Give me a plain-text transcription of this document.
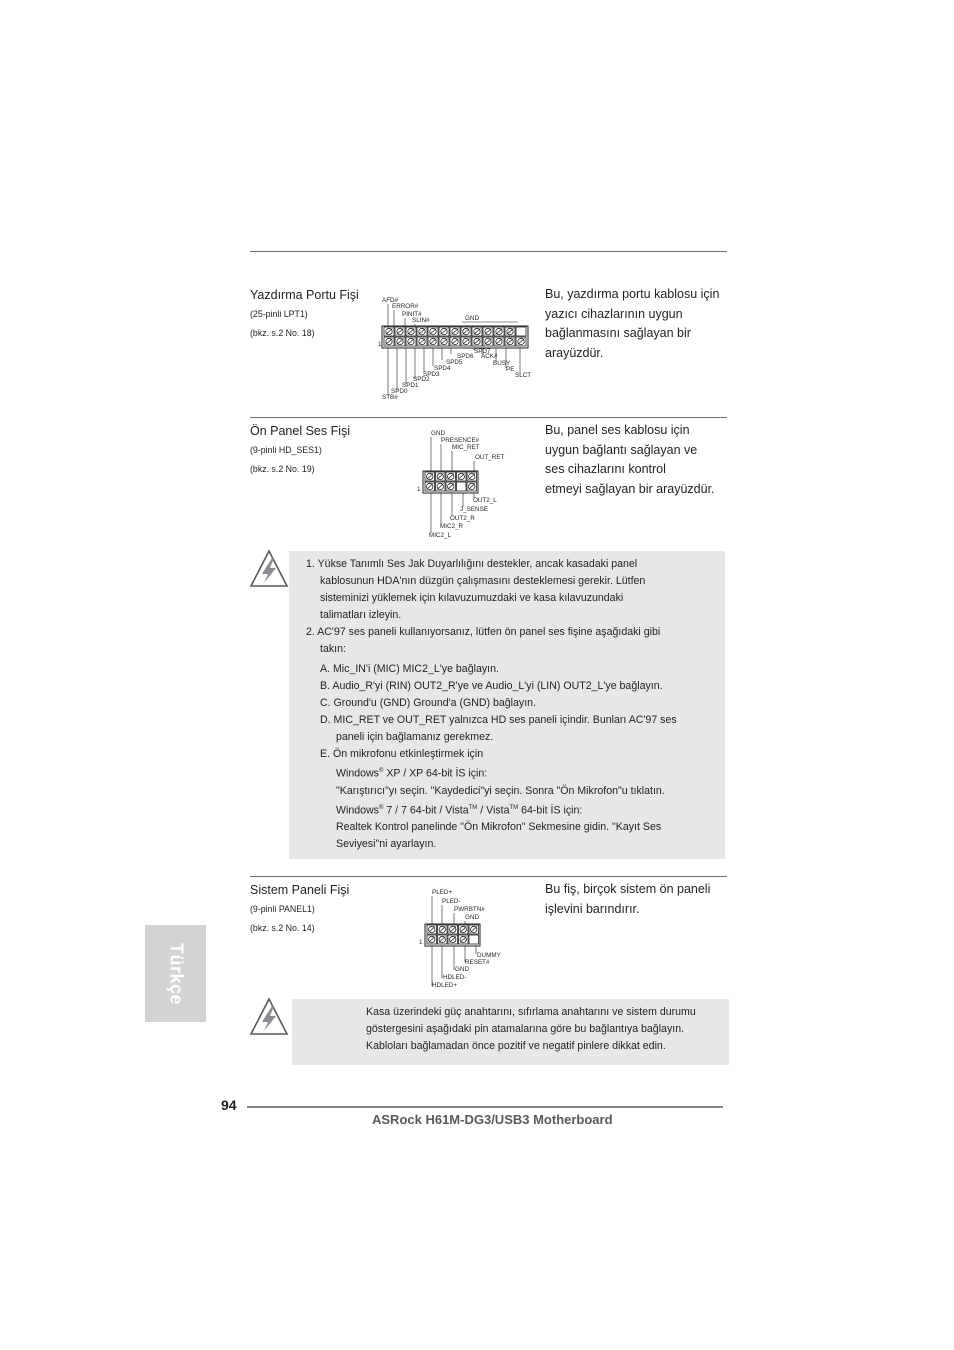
Yazdırma Portu Fişi
(25-pinli LPT1)
(bkz. s.2 No. 18)
Bu, yazdırma portu kablosu için
yazıcı cihazlarının uygun
bağlanmasını sağlayan bir
arayüzdür.
AFD#
ERROR#
PINIT#
SLIN#	GND
1
STB#
SPD0
SPD1
SPD2
SPD3
SPD4
SPD5
SPD6
SPD7
ACK#
BUSY
PE
SLCT
Ön Panel Ses Fişi
(9-pinli HD_SES1)
(bkz. s.2 No. 19)
Bu, panel ses kablosu için
uygun bağlantı sağlayan ve
ses cihazlarını kontrol
etmeyi sağlayan bir arayüzdür.
GND
PRESENCE#
MIC_RET
OUT_RET
1
OUT2_L
J_SENSE
OUT2_R
MIC2_R
MIC2_L
1. Yükse Tanımlı Ses Jak Duyarlılığını destekler, ancak kasadaki panel
kablosunun HDA'nın düzgün çalışmasını desteklemesi gerekir. Lütfen
sisteminizi yüklemek için kılavuzumuzdaki ve kasa kılavuzundaki
talimatları izleyin.
2. AC'97 ses paneli kullanıyorsanız, lütfen ön panel ses fişine aşağıdaki gibi
takın:
A. Mic_IN'i (MIC) MIC2_L'ye bağlayın.
B. Audio_R'yi (RIN) OUT2_R'ye ve Audio_L'yi (LIN) OUT2_L'ye bağlayın.
C. Ground'u (GND) Ground'a (GND) bağlayın.
D. MIC_RET ve OUT_RET yalnızca HD ses paneli içindir. Bunları AC'97 ses
paneli için bağlamanız gerekmez.
E. Ön mikrofonu etkinleştirmek için
Windows® XP / XP 64-bit İS için:
"Karıştırıcı"yı seçin. "Kaydedici"yi seçin. Sonra "Ön Mikrofon"u tıklatın.
Windows® 7 / 7 64-bit / Vista™ / Vista™ 64-bit İS için:
Realtek Kontrol panelinde "Ön Mikrofon" Sekmesine gidin. "Kayıt Ses
Seviyesi"ni ayarlayın.
Sistem Paneli Fişi
(9-pinli PANEL1)
(bkz. s.2 No. 14)
Bu fiş, birçok sistem ön paneli
işlevini barındırır.
PLED+
PLED-
PWRBTN#
GND
1
DUMMY
RESET#
GND
HDLED-
HDLED+
Kasa üzerindeki güç anahtarını, sıfırlama anahtarını ve sistem durumu
göstergesini aşağıdaki pin atamalarına göre bu bağlantıya bağlayın.
Kabloları bağlamadan önce pozitif ve negatif pinlere dikkat edin.
Türkçe
94
ASRock H61M-DG3/USB3 Motherboard
